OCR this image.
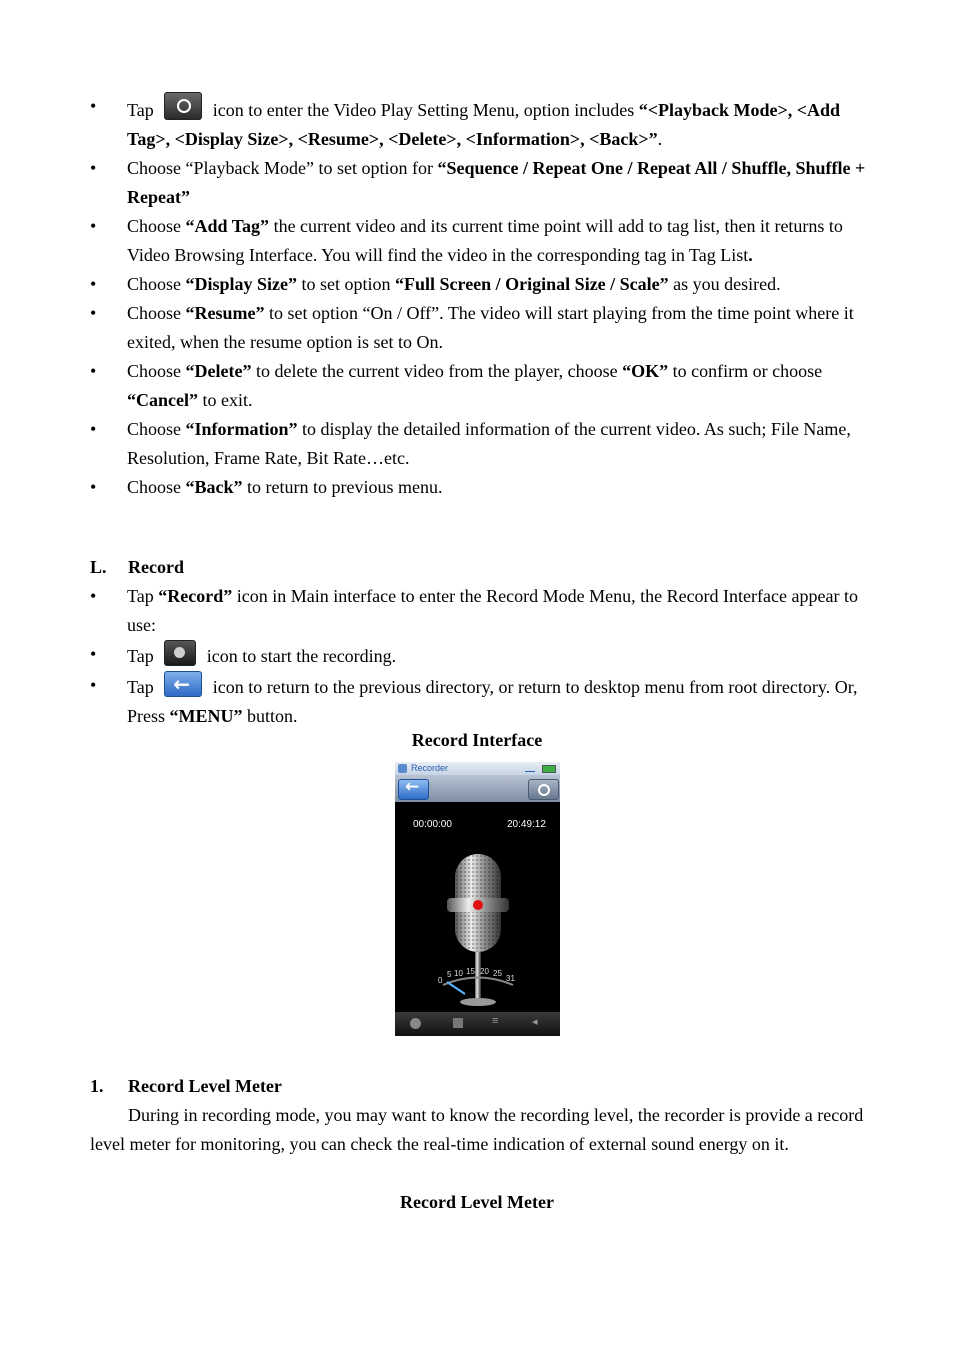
• Tap	icon to enter the Video Play Setting Menu, option includes “<Playback Mode>, <Add Tag>, <Display Size>, <Resume>, <Delete>, <Information>, <Back>”.
• Choose “Playback Mode” to set option for “Sequence / Repeat One / Repeat All / Shuffle, Shuffle + Repeat”
• Choose “Add Tag” the current video and its current time point will add to tag list, then it returns to Video Browsing Interface. You will find the video in the corresponding tag in Tag List.
• Choose “Display Size” to set option “Full Screen / Original Size / Scale” as you desired.
• Choose “Resume” to set option “On / Off”. The video will start playing from the time point where it exited, when the resume option is set to On.
• Choose “Delete” to delete the current video from the player, choose “OK” to confirm or choose “Cancel” to exit.
• Choose “Information” to display the detailed information of the current video. As such; File Name, Resolution, Frame Rate, Bit Rate…etc.
• Choose “Back” to return to previous menu.
L. Record
• Tap “Record” icon in Main interface to enter the Record Mode Menu, the Record Interface appear to use:
• Tap  icon to start the recording.
• Tap ←	icon to return to the previous directory, or return to desktop menu from root directory. Or, Press “MENU” button.
Record Interface
Recorder
←
00:00:00	20:49:12
0
5 10 15 20 25
31
≡	◂
1. Record Level Meter
During in recording mode, you may want to know the recording level, the recorder is provide a record level meter for monitoring, you can check the real-time indication of external sound energy on it.
Record Level Meter
